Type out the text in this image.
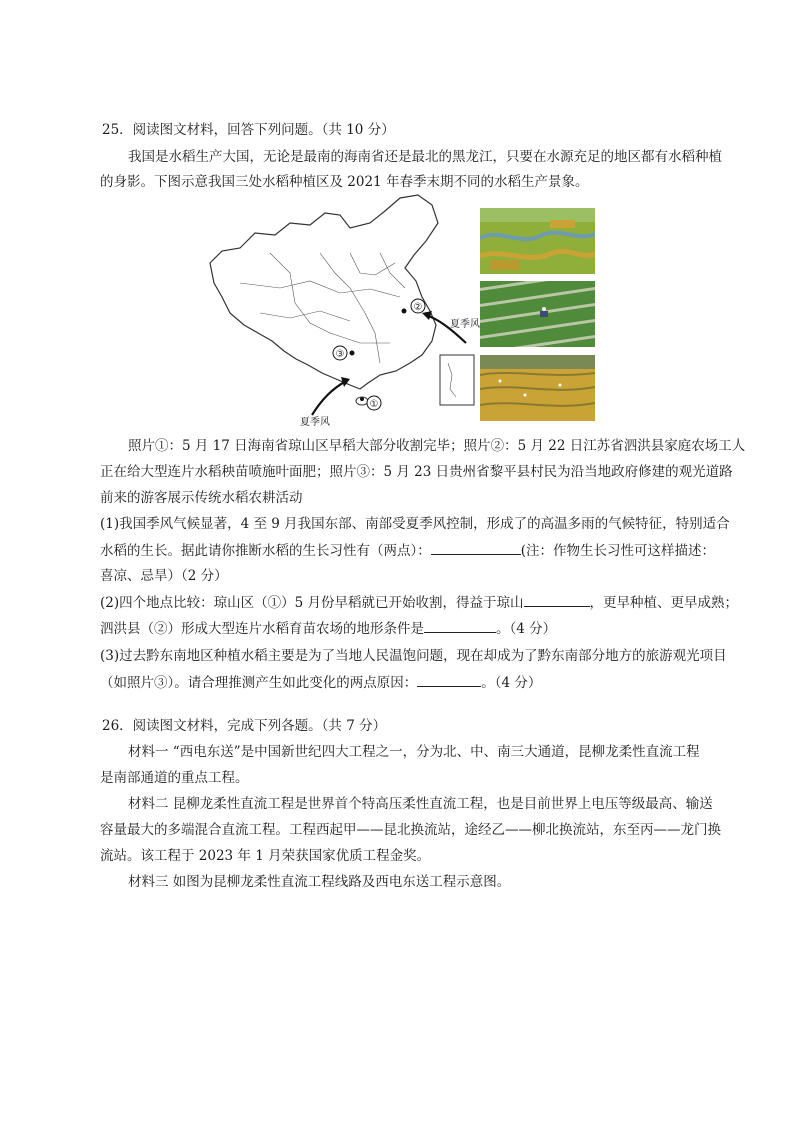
25．阅读图文材料，回答下列问题。（共 10 分）
我国是水稻生产大国，无论是最南的海南省还是最北的黑龙江，只要在水源充足的地区都有水稻种植
的身影。下图示意我国三处水稻种植区及 2021 年春季末期不同的水稻生产景象。
②
③
①
夏季风
夏季风
照片①：5 月 17 日海南省琼山区早稻大部分收割完毕；照片②：5 月 22 日江苏省泗洪县家庭农场工人
正在给大型连片水稻秧苗喷施叶面肥；照片③：5 月 23 日贵州省黎平县村民为沿当地政府修建的观光道路
前来的游客展示传统水稻农耕活动
(1)我国季风气候显著，4 至 9 月我国东部、南部受夏季风控制，形成了的高温多雨的气候特征，特别适合
水稻的生长。据此请你推断水稻的生长习性有（两点）：	(注：作物生长习性可这样描述：
喜凉、忌旱）（2 分）
(2)四个地点比较：琼山区（①）5 月份早稻就已开始收割，得益于琼山	，更早种植、更早成熟；
泗洪县（②）形成大型连片水稻育苗农场的地形条件是	。（4 分）
(3)过去黔东南地区种植水稻主要是为了当地人民温饱问题，现在却成为了黔东南部分地方的旅游观光项目
（如照片③）。请合理推测产生如此变化的两点原因：	。（4 分）
26．阅读图文材料，完成下列各题。（共 7 分）
材料一 “西电东送”是中国新世纪四大工程之一，分为北、中、南三大通道，昆柳龙柔性直流工程
是南部通道的重点工程。
材料二 昆柳龙柔性直流工程是世界首个特高压柔性直流工程，也是目前世界上电压等级最高、输送
容量最大的多端混合直流工程。工程西起甲——昆北换流站，途经乙——柳北换流站，东至丙——龙门换
流站。该工程于 2023 年 1 月荣获国家优质工程金奖。
材料三 如图为昆柳龙柔性直流工程线路及西电东送工程示意图。
